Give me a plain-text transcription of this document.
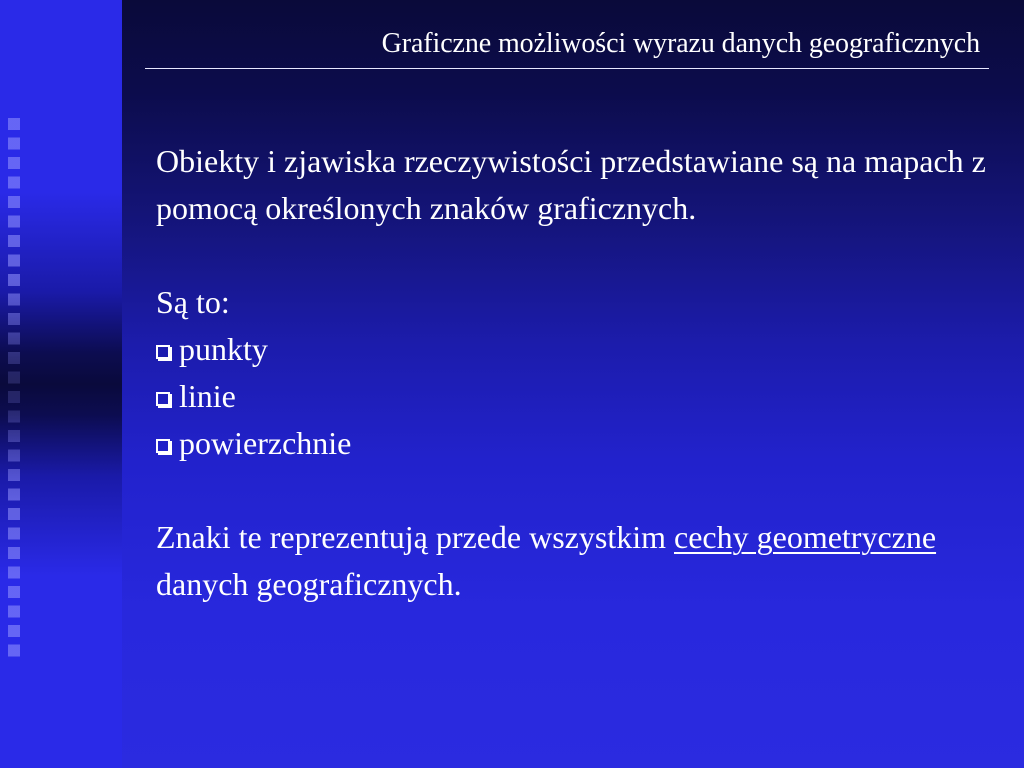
Graficzne możliwości wyrazu danych geograficznych

Obiekty i zjawiska rzeczywistości przedstawiane są na mapach z pomocą określonych znaków graficznych.

Są to:

punkty
linie
powierzchnie

Znaki te reprezentują przede wszystkim cechy geometryczne danych geograficznych.
